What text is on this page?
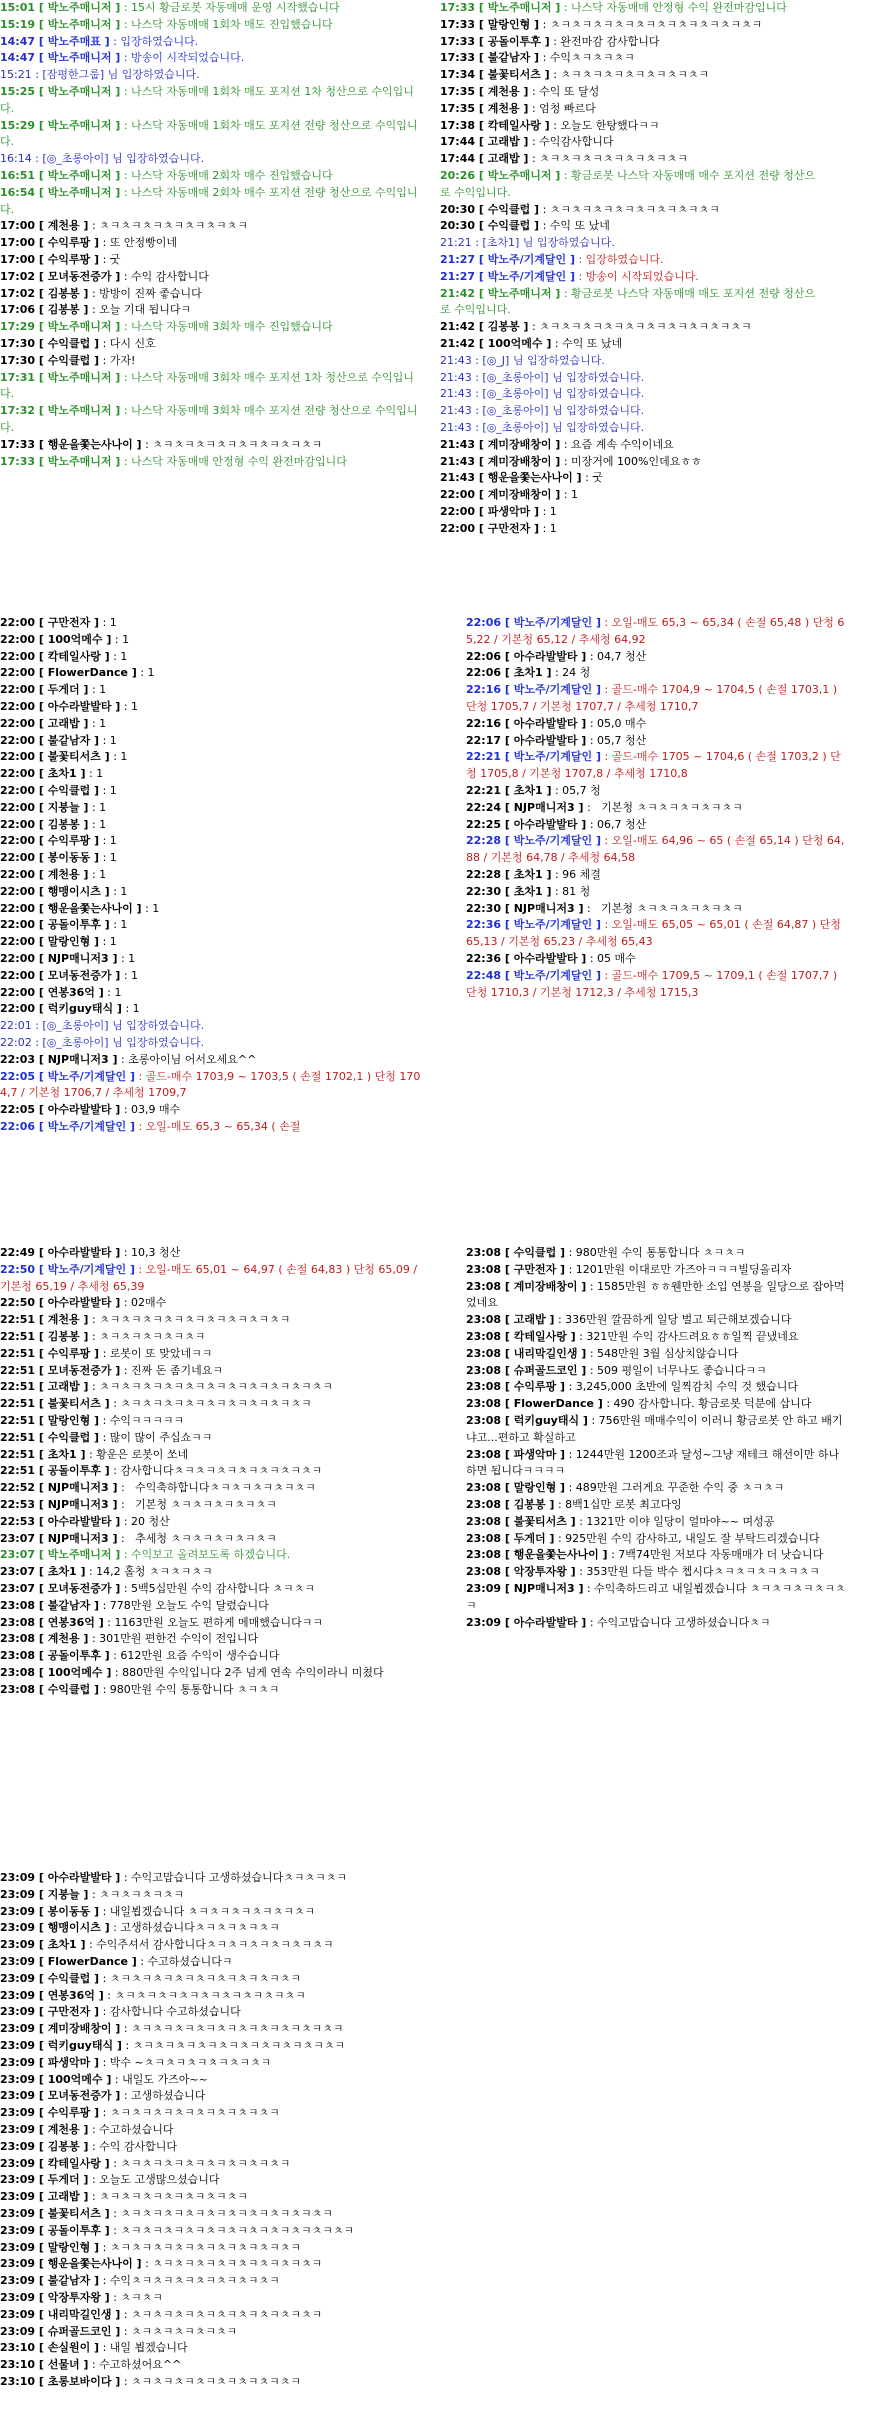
15:01 [ 박노주매니저 ] : 15시 황금로봇 자동매매 운영 시작했습니다
15:19 [ 박노주매니저 ] : 나스닥 자동매매 1회차 매도 진입했습니다
14:47 [ 박노주매표 ] : 입장하였습니다.
14:47 [ 박노주매니저 ] : 방송이 시작되었습니다.
15:21 : [잠평한그룹] 님 입장하였습니다.
15:25 [ 박노주매니저 ] : 나스닥 자동매매 1회차 매도 포지션 1차 청산으로 수익입니다.
15:29 [ 박노주매니저 ] : 나스닥 자동매매 1회차 매도 포지션 전량 청산으로 수익입니다.
16:14 : [◎_초롱아이] 님 입장하였습니다.
16:51 [ 박노주매니저 ] : 나스닥 자동매매 2회차 매수 진입했습니다
16:54 [ 박노주매니저 ] : 나스닥 자동매매 2회차 매수 포지션 전량 청산으로 수익입니다.
17:00 [ 계천용 ] : ㅊㅋㅊㅋㅊㅋㅊㅋㅊㅋㅊㅋㅊㅋ
17:00 [ 수익루팡 ] : 또 안정빵이네
17:00 [ 수익루팡 ] : 굿
17:02 [ 모녀동전증가 ] : 수익 감사합니다
17:02 [ 김봉봉 ] : 방방이 진짜 좋습니다
17:06 [ 김봉봉 ] : 오늘 기대 됩니다ㅋ
17:29 [ 박노주매니저 ] : 나스닥 자동매매 3회차 매수 진입했습니다
17:30 [ 수익클럽 ] : 다시 신호
17:30 [ 수익클럽 ] : 가자!
17:31 [ 박노주매니저 ] : 나스닥 자동매매 3회차 매수 포지션 1차 청산으로 수익입니다.
17:32 [ 박노주매니저 ] : 나스닥 자동매매 3회차 매수 포지션 전량 청산으로 수익입니다.
17:33 [ 행운을쫓는사나이 ] : ㅊㅋㅊㅋㅊㅋㅊㅋㅊㅋㅊㅋㅊㅋㅊㅋ
17:33 [ 박노주매니저 ] : 나스닥 자동매매 안정형 수익 완전마감입니다
17:33 [ 박노주매니저 ] : 나스닥 자동매매 안정형 수익 완전마감입니다
17:33 [ 말랑인형 ] : ㅊㅋㅊㅋㅊㅋㅊㅋㅊㅋㅊㅋㅊㅋㅊㅋㅊㅋㅊㅋ
17:33 [ 공돌이투후 ] : 완전마감 감사합니다
17:33 [ 불같남자 ] : 수익ㅊㅋㅊㅋㅊㅋ
17:34 [ 불꽃티서츠 ] : ㅊㅋㅊㅋㅊㅋㅊㅋㅊㅋㅊㅋㅊㅋ
17:35 [ 계천용 ] : 수익 또 달성
17:35 [ 계천용 ] : 엄청 빠르다
17:38 [ 칵테일사랑 ] : 오늘도 한탕했다ㅋㅋ
17:44 [ 고래밥 ] : 수익감사합니다
17:44 [ 고래밥 ] : ㅊㅋㅊㅋㅊㅋㅊㅋㅊㅋㅊㅋㅊㅋ
20:26 [ 박노주매니저 ] : 황금로봇 나스닥 자동매매 매수 포지션 전량 청산으로 수익입니다.
20:30 [ 수익클럽 ] : ㅊㅋㅊㅋㅊㅋㅊㅋㅊㅋㅊㅋㅊㅋㅊㅋ
20:30 [ 수익클럽 ] : 수익 또 났네
21:21 : [초차1] 님 입장하였습니다.
21:27 [ 박노주/기계달인 ] : 입장하였습니다.
21:27 [ 박노주/기계달인 ] : 방송이 시작되었습니다.
21:42 [ 박노주매니저 ] : 황금로봇 나스닥 자동매매 매도 포지션 전량 청산으로 수익입니다.
21:42 [ 김봉봉 ] : ㅊㅋㅊㅋㅊㅋㅊㅋㅊㅋㅊㅋㅊㅋㅊㅋㅊㅋㅊㅋ
21:42 [ 100억메수 ] : 수익 또 났네
21:43 : [◎_J] 님 입장하였습니다.
21:43 : [◎_초롱아이] 님 입장하였습니다.
21:43 : [◎_초롱아이] 님 입장하였습니다.
21:43 : [◎_초롱아이] 님 입장하였습니다.
21:43 : [◎_초롱아이] 님 입장하였습니다.
21:43 [ 계미장배창이 ] : 요즘 계속 수익이네요
21:43 [ 계미장배창이 ] : 미장거에 100%인데요ㅎㅎ
21:43 [ 행운을쫓는사나이 ] : 굿
22:00 [ 계미장배창이 ] : 1
22:00 [ 파생악마 ] : 1
22:00 [ 구만전자 ] : 1
22:00 [ 구만전자 ] : 1
22:00 [ 100억메수 ] : 1
22:00 [ 칵테일사랑 ] : 1
22:00 [ FlowerDance ] : 1
22:00 [ 두게더 ] : 1
22:00 [ 아수라발발타 ] : 1
22:00 [ 고래밥 ] : 1
22:00 [ 불같남자 ] : 1
22:00 [ 불꽃티서츠 ] : 1
22:00 [ 초차1 ] : 1
22:00 [ 수익클럽 ] : 1
22:00 [ 지붕늘 ] : 1
22:00 [ 김봉봉 ] : 1
22:00 [ 수익루팡 ] : 1
22:00 [ 봉이동동 ] : 1
22:00 [ 계천용 ] : 1
22:00 [ 행맹이시츠 ] : 1
22:00 [ 행운을쫓는사나이 ] : 1
22:00 [ 공돌이투후 ] : 1
22:00 [ 말랑인형 ] : 1
22:00 [ NJP매니저3 ] : 1
22:00 [ 모녀동전증가 ] : 1
22:00 [ 연봉36억 ] : 1
22:00 [ 럭키guy태식 ] : 1
22:01 : [◎_초롱아이] 님 입장하였습니다.
22:02 : [◎_초롱아이] 님 입장하였습니다.
22:03 [ NJP매니저3 ] : 초롱아이님 어서오세요^^
22:05 [ 박노주/기계달인 ] : 골드-매수 1703,9 ~ 1703,5 ( 손절 1702,1 ) 단청 1704,7 / 기본청 1706,7 / 추세청 1709,7
22:05 [ 아수라발발타 ] : 03,9 매수
22:06 [ 박노주/기계달인 ] : 오일-매도 65,3 ~ 65,34 ( 손절
22:06 [ 박노주/기계달인 ] : 오일-매도 65,3 ~ 65,34 ( 손절 65,48 ) 단청 65,22 / 기본청 65,12 / 추세청 64,92
22:06 [ 아수라발발타 ] : 04,7 청산
22:06 [ 초차1 ] : 24 청
22:16 [ 박노주/기계달인 ] : 골드-매수 1704,9 ~ 1704,5 ( 손절 1703,1 ) 단청 1705,7 / 기본청 1707,7 / 추세청 1710,7
22:16 [ 아수라발발타 ] : 05,0 매수
22:17 [ 아수라발발타 ] : 05,7 청산
22:21 [ 박노주/기계달인 ] : 골드-매수 1705 ~ 1704,6 ( 손절 1703,2 ) 단청 1705,8 / 기본청 1707,8 / 추세청 1710,8
22:21 [ 초차1 ] : 05,7 청
22:24 [ NJP매니저3 ] :   기본청 ㅊㅋㅊㅋㅊㅋㅊㅋㅊㅋ
22:25 [ 아수라발발타 ] : 06,7 청산
22:28 [ 박노주/기계달인 ] : 오일-매도 64,96 ~ 65 ( 손절 65,14 ) 단청 64,88 / 기본청 64,78 / 추세청 64,58
22:28 [ 초차1 ] : 96 체결
22:30 [ 초차1 ] : 81 청
22:30 [ NJP매니저3 ] :   기본청 ㅊㅋㅊㅋㅊㅋㅊㅋㅊㅋ
22:36 [ 박노주/기계달인 ] : 오일-매도 65,05 ~ 65,01 ( 손절 64,87 ) 단청 65,13 / 기본청 65,23 / 추세청 65,43
22:36 [ 아수라발발타 ] : 05 매수
22:48 [ 박노주/기계달인 ] : 골드-매수 1709,5 ~ 1709,1 ( 손절 1707,7 ) 단청 1710,3 / 기본청 1712,3 / 추세청 1715,3
22:49 [ 아수라발발타 ] : 10,3 청산
22:50 [ 박노주/기계달인 ] : 오일-매도 65,01 ~ 64,97 ( 손절 64,83 ) 단청 65,09 / 기본청 65,19 / 추세청 65,39
22:50 [ 아수라발발타 ] : 02매수
22:51 [ 계천용 ] : ㅊㅋㅊㅋㅊㅋㅊㅋㅊㅋㅊㅋㅊㅋㅊㅋㅊㅋ
22:51 [ 김봉봉 ] : ㅊㅋㅊㅋㅊㅋㅊㅋㅊㅋ
22:51 [ 수익루팡 ] : 로봇이 또 맞았네ㅋㅋ
22:51 [ 모녀동전증가 ] : 진짜 돈 좀기네요ㅋ
22:51 [ 고래밥 ] : ㅊㅋㅊㅋㅊㅋㅊㅋㅊㅋㅊㅋㅊㅋㅊㅋㅊㅋㅊㅋㅊㅋ
22:51 [ 불꽃티서츠 ] : ㅊㅋㅊㅋㅊㅋㅊㅋㅊㅋㅊㅋㅊㅋㅊㅋㅊㅋ
22:51 [ 말랑인형 ] : 수익ㅋㅋㅋㅋㅋ
22:51 [ 수익클럽 ] : 많이 많이 주십쇼ㅋㅋ
22:51 [ 초차1 ] : 황운은 로봇이 쏘네
22:51 [ 공돌이투후 ] : 감사합니다ㅊㅋㅊㅋㅊㅋㅊㅋㅊㅋㅊㅋㅊㅋ
22:52 [ NJP매니저3 ] :   수익축하합니다ㅊㅋㅊㅋㅊㅋㅊㅋㅊㅋ
22:53 [ NJP매니저3 ] :   기본청 ㅊㅋㅊㅋㅊㅋㅊㅋㅊㅋ
22:53 [ 아수라발발타 ] : 20 청산
23:07 [ NJP매니저3 ] :   추세청 ㅊㅋㅊㅋㅊㅋㅊㅋㅊㅋ
23:07 [ 박노주매니저 ] : 수익보고 올려보도록 하겠습니다.
23:07 [ 초차1 ] : 14,2 홀청 ㅊㅋㅊㅋㅊㅋ
23:07 [ 모녀동전증가 ] : 5백5십만원 수익 감사합니다 ㅊㅋㅊㅋ
23:08 [ 불같남자 ] : 778만원 오늘도 수익 달렸습니다
23:08 [ 연봉36억 ] : 1163만원 오늘도 편하게 메매했습니다ㅋㅋ
23:08 [ 계천용 ] : 301만원 편한건 수익이 전입니다
23:08 [ 공돌이투후 ] : 612만원 요즘 수익이 생수습니다
23:08 [ 100억메수 ] : 880만원 수익입니다 2주 넘게 연속 수익이라니 미쳤다
23:08 [ 수익클럽 ] : 980만원 수익 통통합니다 ㅊㅋㅊㅋ
23:08 [ 수익클럽 ] : 980만원 수익 통통합니다 ㅊㅋㅊㅋ
23:08 [ 구만전자 ] : 1201만원 이대로만 가즈아ㅋㅋㅋ빌딩올리자
23:08 [ 계미장배창이 ] : 1585만원 ㅎㅎ웬만한 소입 연봉을 일당으로 잡아먹었네요
23:08 [ 고래밥 ] : 336만원 깔끔하게 일당 벌고 퇴근해보겠습니다
23:08 [ 칵테일사랑 ] : 321만원 수익 감사드려요ㅎㅎ일찍 끝냈네요
23:08 [ 내리막길인생 ] : 548만원 3월 심상치않습니다
23:08 [ 슈퍼골드코인 ] : 509 평일이 너무나도 좋습니다ㅋㅋ
23:08 [ 수익루팡 ] : 3,245,000 초반에 일찍감치 수익 것 했습니다
23:08 [ FlowerDance ] : 490 감사합니다. 황금로봇 덕분에 삽니다
23:08 [ 럭키guy태식 ] : 756만원 매매수익이 이러니 황금로봇 안 하고 배기냐고...편하고 확실하고
23:08 [ 파생악마 ] : 1244만원 1200조과 달성~그냥 재테크 해선이만 하나 하면 됩니다ㅋㅋㅋㅋ
23:08 [ 말랑인형 ] : 489만원 그러게요 꾸준한 수익 중 ㅊㅋㅊㅋ
23:08 [ 김봉봉 ] : 8백1십만 로봇 최고다잉
23:08 [ 불꽃티서츠 ] : 1321만 이야 일당이 얼마야~~ 며성공
23:08 [ 두게더 ] : 925만원 수익 감사하고, 내일도 잘 부탁드리겠습니다
23:08 [ 행운을쫓는사나이 ] : 7백74만원 저보다 자동매매가 더 낫습니다
23:08 [ 악장투자왕 ] : 353만원 다들 박수 쳅시다ㅊㅋㅊㅋㅊㅋㅊㅋㅊㅋ
23:09 [ NJP매니저3 ] : 수익축하드리고 내일뵙겠습니다 ㅊㅋㅊㅋㅊㅋㅊㅋㅊㅋ
23:09 [ 아수라발발타 ] : 수익고맙습니다 고생하셨습니다ㅊㅋ
23:09 [ 아수라발발타 ] : 수익고맙습니다 고생하셨습니다ㅊㅋㅊㅋㅊㅋ
23:09 [ 지붕늘 ] : ㅊㅋㅊㅋㅊㅋㅊㅋ
23:09 [ 봉이동동 ] : 내일뵙겠습니다 ㅊㅋㅊㅋㅊㅋㅊㅋㅊㅋㅊㅋ
23:09 [ 행맹이시츠 ] : 고생하셨습니다ㅊㅋㅊㅋㅊㅋㅊㅋ
23:09 [ 초차1 ] : 수익주셔서 감사합니다ㅊㅋㅊㅋㅊㅋㅊㅋㅊㅋㅊㅋ
23:09 [ FlowerDance ] : 수고하셨습니다ㅋ
23:09 [ 수익클럽 ] : ㅊㅋㅊㅋㅊㅋㅊㅋㅊㅋㅊㅋㅊㅋㅊㅋㅊㅋ
23:09 [ 연봉36억 ] : ㅊㅋㅊㅋㅊㅋㅊㅋㅊㅋㅊㅋㅊㅋㅊㅋㅊㅋ
23:09 [ 구만전자 ] : 감사합니다 수고하셨습니다
23:09 [ 계미장배창이 ] : ㅊㅋㅊㅋㅊㅋㅊㅋㅊㅋㅊㅋㅊㅋㅊㅋㅊㅋㅊㅋ
23:09 [ 럭키guy태식 ] : ㅊㅋㅊㅋㅊㅋㅊㅋㅊㅋㅊㅋㅊㅋㅊㅋㅊㅋㅊㅋ
23:09 [ 파생악마 ] : 박수 ~ㅊㅋㅊㅋㅊㅋㅊㅋㅊㅋㅊㅋ
23:09 [ 100억메수 ] : 내일도 가즈아~~
23:09 [ 모녀동전증가 ] : 고생하셨습니다
23:09 [ 수익루팡 ] : ㅊㅋㅊㅋㅊㅋㅊㅋㅊㅋㅊㅋㅊㅋㅊㅋ
23:09 [ 계천용 ] : 수고하셨습니다
23:09 [ 김봉봉 ] : 수익 감사합니다
23:09 [ 칵테일사랑 ] : ㅊㅋㅊㅋㅊㅋㅊㅋㅊㅋㅊㅋㅊㅋㅊㅋ
23:09 [ 두게더 ] : 오늘도 고생많으셨습니다
23:09 [ 고래밥 ] : ㅊㅋㅊㅋㅊㅋㅊㅋㅊㅋㅊㅋㅊㅋ
23:09 [ 불꽃티서츠 ] : ㅊㅋㅊㅋㅊㅋㅊㅋㅊㅋㅊㅋㅊㅋㅊㅋㅊㅋㅊㅋ
23:09 [ 공돌이투후 ] : ㅊㅋㅊㅋㅊㅋㅊㅋㅊㅋㅊㅋㅊㅋㅊㅋㅊㅋㅊㅋㅊㅋ
23:09 [ 말랑인형 ] : ㅊㅋㅊㅋㅊㅋㅊㅋㅊㅋㅊㅋㅊㅋㅊㅋㅊㅋ
23:09 [ 행운을쫓는사나이 ] : ㅊㅋㅊㅋㅊㅋㅊㅋㅊㅋㅊㅋㅊㅋㅊㅋ
23:09 [ 불같남자 ] : 수익ㅊㅋㅊㅋㅊㅋㅊㅋㅊㅋㅊㅋㅊㅋ
23:09 [ 악장투자왕 ] : ㅊㅋㅊㅋ
23:09 [ 내리막길인생 ] : ㅊㅋㅊㅋㅊㅋㅊㅋㅊㅋㅊㅋㅊㅋㅊㅋㅊㅋ
23:09 [ 슈퍼골드코인 ] : ㅊㅋㅊㅋㅊㅋㅊㅋㅊㅋ
23:10 [ 손실원이 ] : 내일 뵙겠습니다
23:10 [ 선물녀 ] : 수고하셨어요^^
23:10 [ 초롱보바이다 ] : ㅊㅋㅊㅋㅊㅋㅊㅋㅊㅋㅊㅋㅊㅋㅊㅋ
